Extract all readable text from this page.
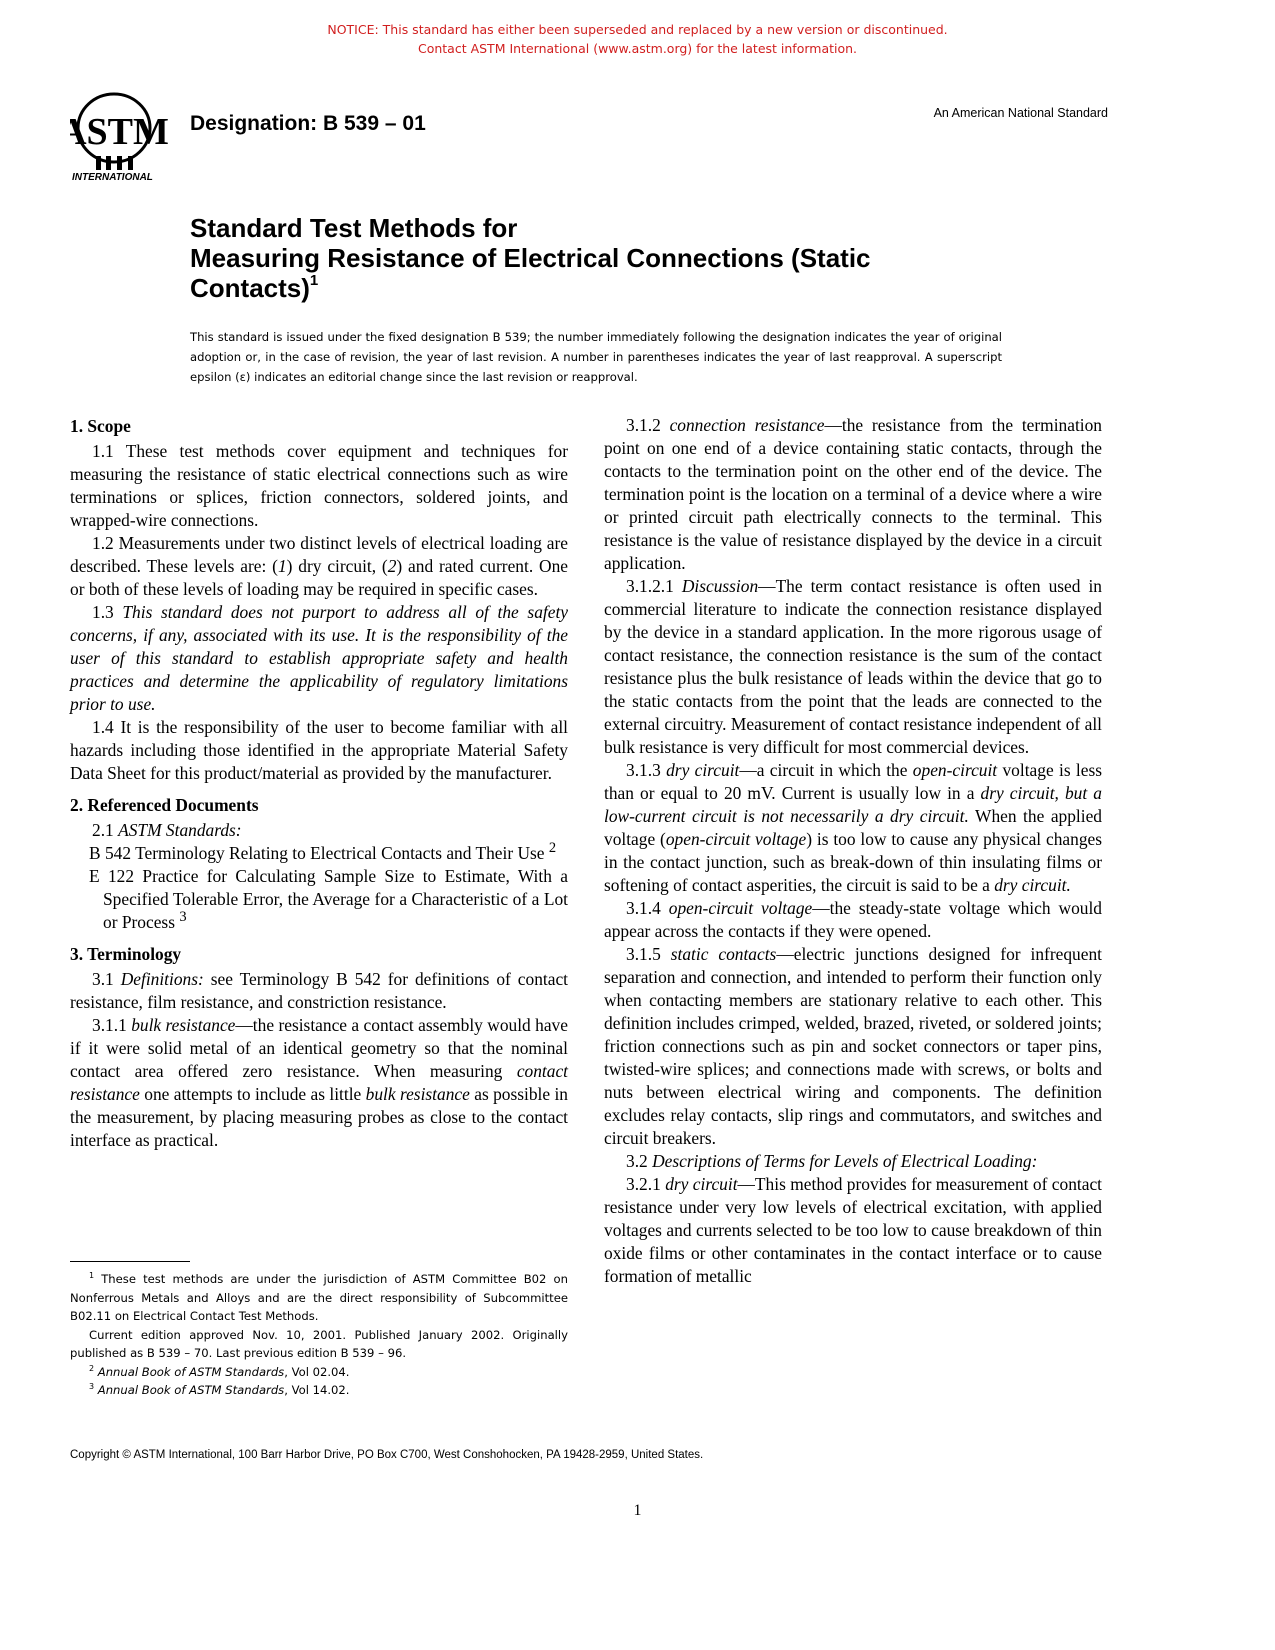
NOTICE: This standard has either been superseded and replaced by a new version or discontinued.
Contact ASTM International (www.astm.org) for the latest information.
ASTM
INTERNATIONAL
Designation: B 539 – 01	An American National Standard
Standard Test Methods for
Measuring Resistance of Electrical Connections (Static
Contacts)$^1$
This standard is issued under the fixed designation B 539; the number immediately following the designation indicates the year of original adoption or, in the case of revision, the year of last revision. A number in parentheses indicates the year of last reapproval. A superscript epsilon (ε) indicates an editorial change since the last revision or reapproval.
1. Scope

1.1 These test methods cover equipment and techniques for measuring the resistance of static electrical connections such as wire terminations or splices, friction connectors, soldered joints, and wrapped-wire connections.

1.2 Measurements under two distinct levels of electrical loading are described. These levels are: (1) dry circuit, (2) and rated current. One or both of these levels of loading may be required in specific cases.

1.3 This standard does not purport to address all of the safety concerns, if any, associated with its use. It is the responsibility of the user of this standard to establish appropriate safety and health practices and determine the applicability of regulatory limitations prior to use.

1.4 It is the responsibility of the user to become familiar with all hazards including those identified in the appropriate Material Safety Data Sheet for this product/material as provided by the manufacturer.

2. Referenced Documents

2.1 ASTM Standards:

B 542 Terminology Relating to Electrical Contacts and Their Use $^2$

E 122 Practice for Calculating Sample Size to Estimate, With a Specified Tolerable Error, the Average for a Characteristic of a Lot or Process $^3$

3. Terminology

3.1 Definitions: see Terminology B 542 for definitions of contact resistance, film resistance, and constriction resistance.

3.1.1 bulk resistance—the resistance a contact assembly would have if it were solid metal of an identical geometry so that the nominal contact area offered zero resistance. When measuring contact resistance one attempts to include as little bulk resistance as possible in the measurement, by placing measuring probes as close to the contact interface as practical.

$^1$ These test methods are under the jurisdiction of ASTM Committee B02 on Nonferrous Metals and Alloys and are the direct responsibility of Subcommittee B02.11 on Electrical Contact Test Methods.

Current edition approved Nov. 10, 2001. Published January 2002. Originally published as B 539 – 70. Last previous edition B 539 – 96.

$^2$ Annual Book of ASTM Standards, Vol 02.04.

$^3$ Annual Book of ASTM Standards, Vol 14.02.

3.1.2 connection resistance—the resistance from the termination point on one end of a device containing static contacts, through the contacts to the termination point on the other end of the device. The termination point is the location on a terminal of a device where a wire or printed circuit path electrically connects to the terminal. This resistance is the value of resistance displayed by the device in a circuit application.

3.1.2.1 Discussion—The term contact resistance is often used in commercial literature to indicate the connection resistance displayed by the device in a standard application. In the more rigorous usage of contact resistance, the connection resistance is the sum of the contact resistance plus the bulk resistance of leads within the device that go to the static contacts from the point that the leads are connected to the external circuitry. Measurement of contact resistance independent of all bulk resistance is very difficult for most commercial devices.

3.1.3 dry circuit—a circuit in which the open-circuit voltage is less than or equal to 20 mV. Current is usually low in a dry circuit, but a low-current circuit is not necessarily a dry circuit. When the applied voltage (open-circuit voltage) is too low to cause any physical changes in the contact junction, such as break-down of thin insulating films or softening of contact asperities, the circuit is said to be a dry circuit.

3.1.4 open-circuit voltage—the steady-state voltage which would appear across the contacts if they were opened.

3.1.5 static contacts—electric junctions designed for infrequent separation and connection, and intended to perform their function only when contacting members are stationary relative to each other. This definition includes crimped, welded, brazed, riveted, or soldered joints; friction connections such as pin and socket connectors or taper pins, twisted-wire splices; and connections made with screws, or bolts and nuts between electrical wiring and components. The definition excludes relay contacts, slip rings and commutators, and switches and circuit breakers.

3.2 Descriptions of Terms for Levels of Electrical Loading:

3.2.1 dry circuit—This method provides for measurement of contact resistance under very low levels of electrical excitation, with applied voltages and currents selected to be too low to cause breakdown of thin oxide films or other contaminates in the contact interface or to cause formation of metallic

Copyright © ASTM International, 100 Barr Harbor Drive, PO Box C700, West Conshohocken, PA 19428-2959, United States.
1
